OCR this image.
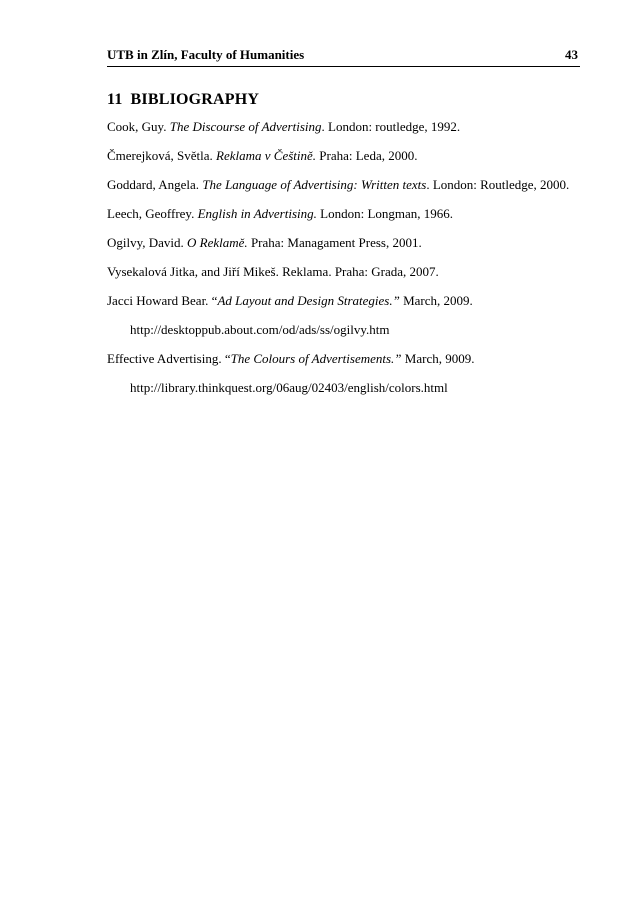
UTB in Zlín, Faculty of Humanities	43
11 BIBLIOGRAPHY
Cook, Guy. The Discourse of Advertising. London: routledge, 1992.
Čmerejková, Světla. Reklama v Češtině. Praha: Leda, 2000.
Goddard, Angela. The Language of Advertising: Written texts. London: Routledge, 2000.
Leech, Geoffrey. English in Advertising. London: Longman, 1966.
Ogilvy, David. O Reklamě. Praha: Managament Press, 2001.
Vysekalová Jitka, and Jiří Mikeš. Reklama. Praha: Grada, 2007.
Jacci Howard Bear. “Ad Layout and Design Strategies.” March, 2009.
http://desktoppub.about.com/od/ads/ss/ogilvy.htm
Effective Advertising. “The Colours of Advertisements.” March, 9009.
http://library.thinkquest.org/06aug/02403/english/colors.html
